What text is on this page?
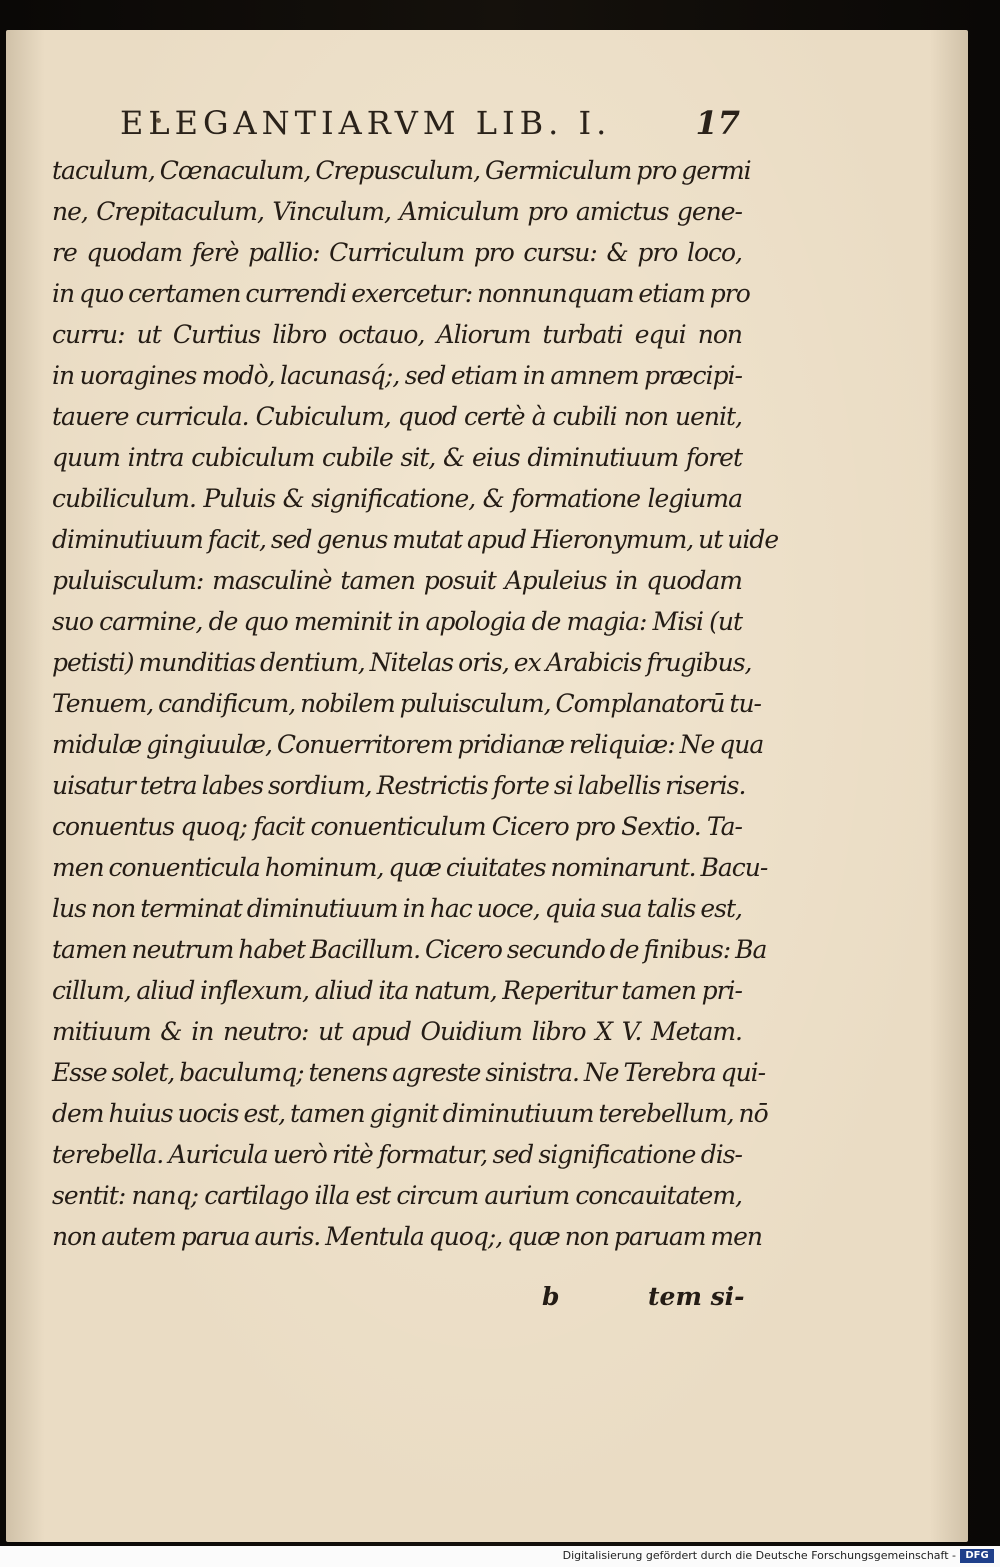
ELEGANTIARVM LIB. I.	17
taculum, Cœnaculum, Crepusculum, Germiculum pro germi
ne, Crepitaculum, Vinculum, Amiculum pro amictus gene-
re quodam ferè pallio: Curriculum pro cursu: & pro loco,
in quo certamen currendi exercetur: nonnunquam etiam pro
curru: ut Curtius libro octauo, Aliorum turbati equi non
in uoragines modò, lacunasq́;, sed etiam in amnem præcipi-
tauere curricula. Cubiculum, quod certè à cubili non uenit,
quum intra cubiculum cubile sit, & eius diminutiuum foret
cubiliculum. Puluis & significatione, & formatione legiuma
diminutiuum facit, sed genus mutat apud Hieronymum, ut uide
puluisculum: masculinè tamen posuit Apuleius in quodam
suo carmine, de quo meminit in apologia de magia: Misi (ut
petisti) munditias dentium, Nitelas oris, ex Arabicis frugibus,
Tenuem, candificum, nobilem puluisculum, Complanatorū tu-
midulæ gingiuulæ, Conuerritorem pridianæ reliquiæ: Ne qua
uisatur tetra labes sordium, Restrictis forte si labellis riseris.
conuentus quoq; facit conuenticulum Cicero pro Sextio. Ta-
men conuenticula hominum, quæ ciuitates nominarunt. Bacu-
lus non terminat diminutiuum in hac uoce, quia sua talis est,
tamen neutrum habet Bacillum. Cicero secundo de finibus: Ba
cillum, aliud inflexum, aliud ita natum, Reperitur tamen pri-
mitiuum & in neutro: ut apud Ouidium libro X V. Metam.
Esse solet, baculumq; tenens agreste sinistra. Ne Terebra qui-
dem huius uocis est, tamen gignit diminutiuum terebellum, nō
terebella. Auricula uerò ritè formatur, sed significatione dis-
sentit: nanq; cartilago illa est circum aurium concauitatem,
non autem parua auris. Mentula quoq;, quæ non paruam men
b	tem si-
Digitalisierung gefördert durch die Deutsche Forschungsgemeinschaft - DFG
